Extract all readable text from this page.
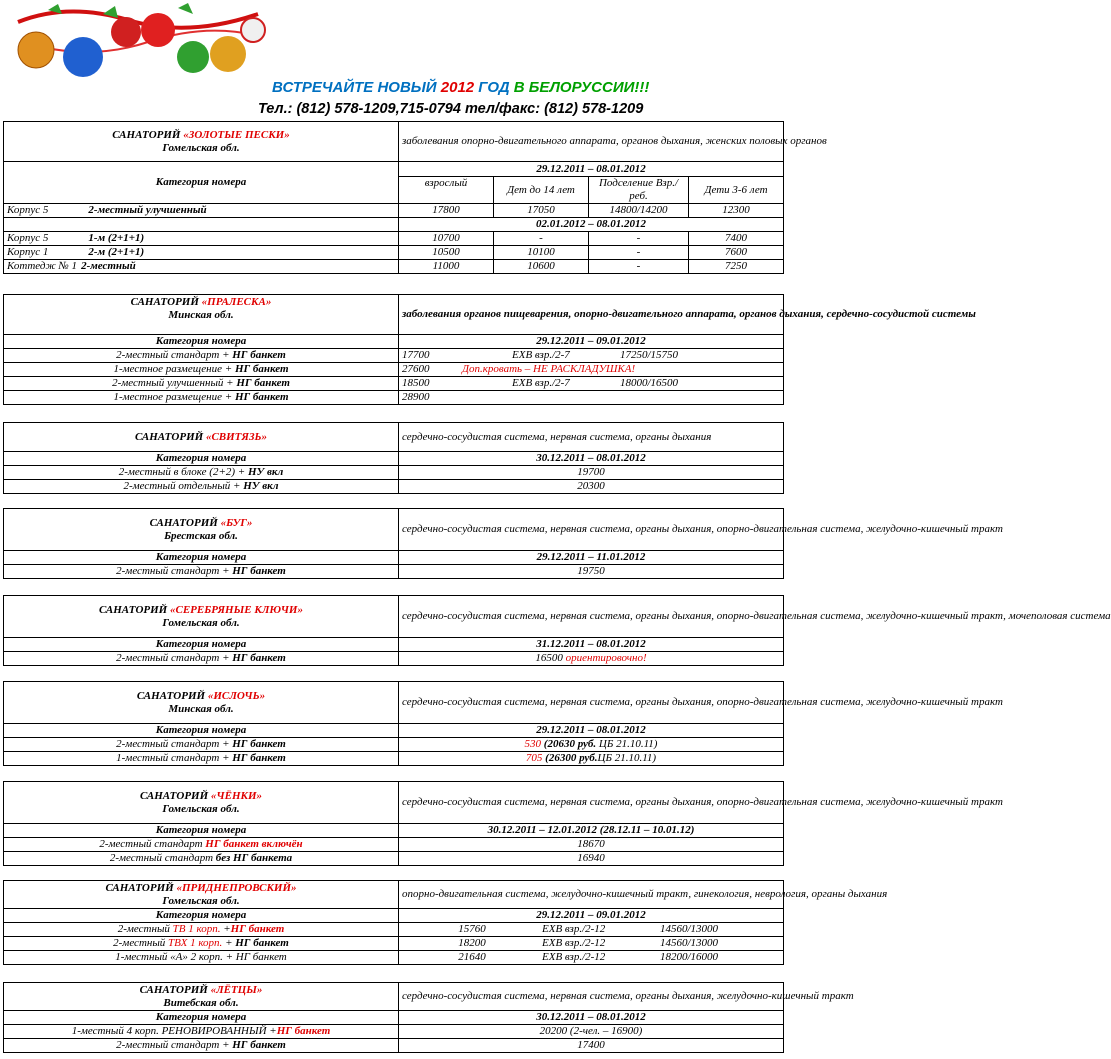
ВСТРЕЧАЙТЕ НОВЫЙ 2012 ГОД В БЕЛОРУССИИ!!!
Тел.: (812) 578-1209,715-0794 тел/факс: (812) 578-1209
САНАТОРИЙ «ЗОЛОТЫЕ ПЕСКИ»
Гомельская обл.	заболевания опорно-двигательного аппарата, органов дыхания, женских половых органов			
Категория номера	29.12.2011 – 08.01.2012			
	взрослый	Дет до 14 лет	Подселение Взр./реб.	Дети 3-6 лет
Корпус 5 2-местный улучшенный	17800	17050	14800/14200	12300
	02.01.2012 – 08.01.2012			
Корпус 5 1-м (2+1+1)	10700	-	-	7400
Корпус 1 2-м (2+1+1)	10500	10100	-	7600
Коттедж № 1 2-местный	11000	10600	-	7250
САНАТОРИЙ «ПРАЛЕСКА»
Минская обл.	заболевания органов пищеварения, опорно-двигательного аппарата, органов дыхания, сердечно-сосудистой системы
Категория номера	29.12.2011 – 09.01.2012
2-местный стандарт + НГ банкет	17700 ЕХВ взр./2-7 17250/15750
1-местное размещение + НГ банкет	27600 Доп.кровать – НЕ РАСКЛАДУШКА!
2-местный улучшенный + НГ банкет	18500 ЕХВ взр./2-7 18000/16500
1-местное размещение + НГ банкет	28900
САНАТОРИЙ «СВИТЯЗЬ»	сердечно-сосудистая система, нервная система, органы дыхания
Категория номера	30.12.2011 – 08.01.2012
2-местный в блоке (2+2) + НУ вкл	19700
2-местный отдельный + НУ вкл	20300
САНАТОРИЙ «БУГ»
Брестская обл.	сердечно-сосудистая система, нервная система, органы дыхания, опорно-двигательная система, желудочно-кишечный тракт
Категория номера	29.12.2011 – 11.01.2012
2-местный стандарт + НГ банкет	19750
САНАТОРИЙ «СЕРЕБРЯНЫЕ КЛЮЧИ»
Гомельская обл.	сердечно-сосудистая система, нервная система, органы дыхания, опорно-двигательная система, желудочно-кишечный тракт, мочеполовая система
Категория номера	31.12.2011 – 08.01.2012
2-местный стандарт + НГ банкет	16500 ориентировочно!
САНАТОРИЙ «ИСЛОЧЬ»
Минская обл.	сердечно-сосудистая система, нервная система, органы дыхания, опорно-двигательная система, желудочно-кишечный тракт
Категория номера	29.12.2011 – 08.01.2012
2-местный стандарт + НГ банкет	530 (20630 руб. ЦБ 21.10.11)
1-местный стандарт + НГ банкет	705 (26300 руб.ЦБ 21.10.11)
САНАТОРИЙ «ЧЁНКИ»
Гомельская обл.	сердечно-сосудистая система, нервная система, органы дыхания, опорно-двигательная система, желудочно-кишечный тракт
Категория номера	30.12.2011 – 12.01.2012 (28.12.11 – 10.01.12)
2-местный стандарт НГ банкет включён	18670
2-местный стандарт без НГ банкета	16940
САНАТОРИЙ «ПРИДНЕПРОВСКИЙ»
Гомельская обл.	опорно-двигательная система, желудочно-кишечный тракт, гинекология, неврология, органы дыхания
Категория номера	29.12.2011 – 09.01.2012
2-местный ТВ 1 корп. +НГ банкет	15760 ЕХВ взр./2-12 14560/13000
2-местный ТВХ 1 корп. + НГ банкет	18200 ЕХВ взр./2-12 14560/13000
1-местный «А» 2 корп. + НГ банкет	21640 ЕХВ взр./2-12 18200/16000
САНАТОРИЙ «ЛЁТЦЫ»
Витебская обл.	сердечно-сосудистая система, нервная система, органы дыхания, желудочно-кишечный тракт
Категория номера	30.12.2011 – 08.01.2012
1-местный 4 корп. РЕНОВИРОВАННЫЙ +НГ банкет	20200 (2-чел. – 16900)
2-местный стандарт + НГ банкет	17400
